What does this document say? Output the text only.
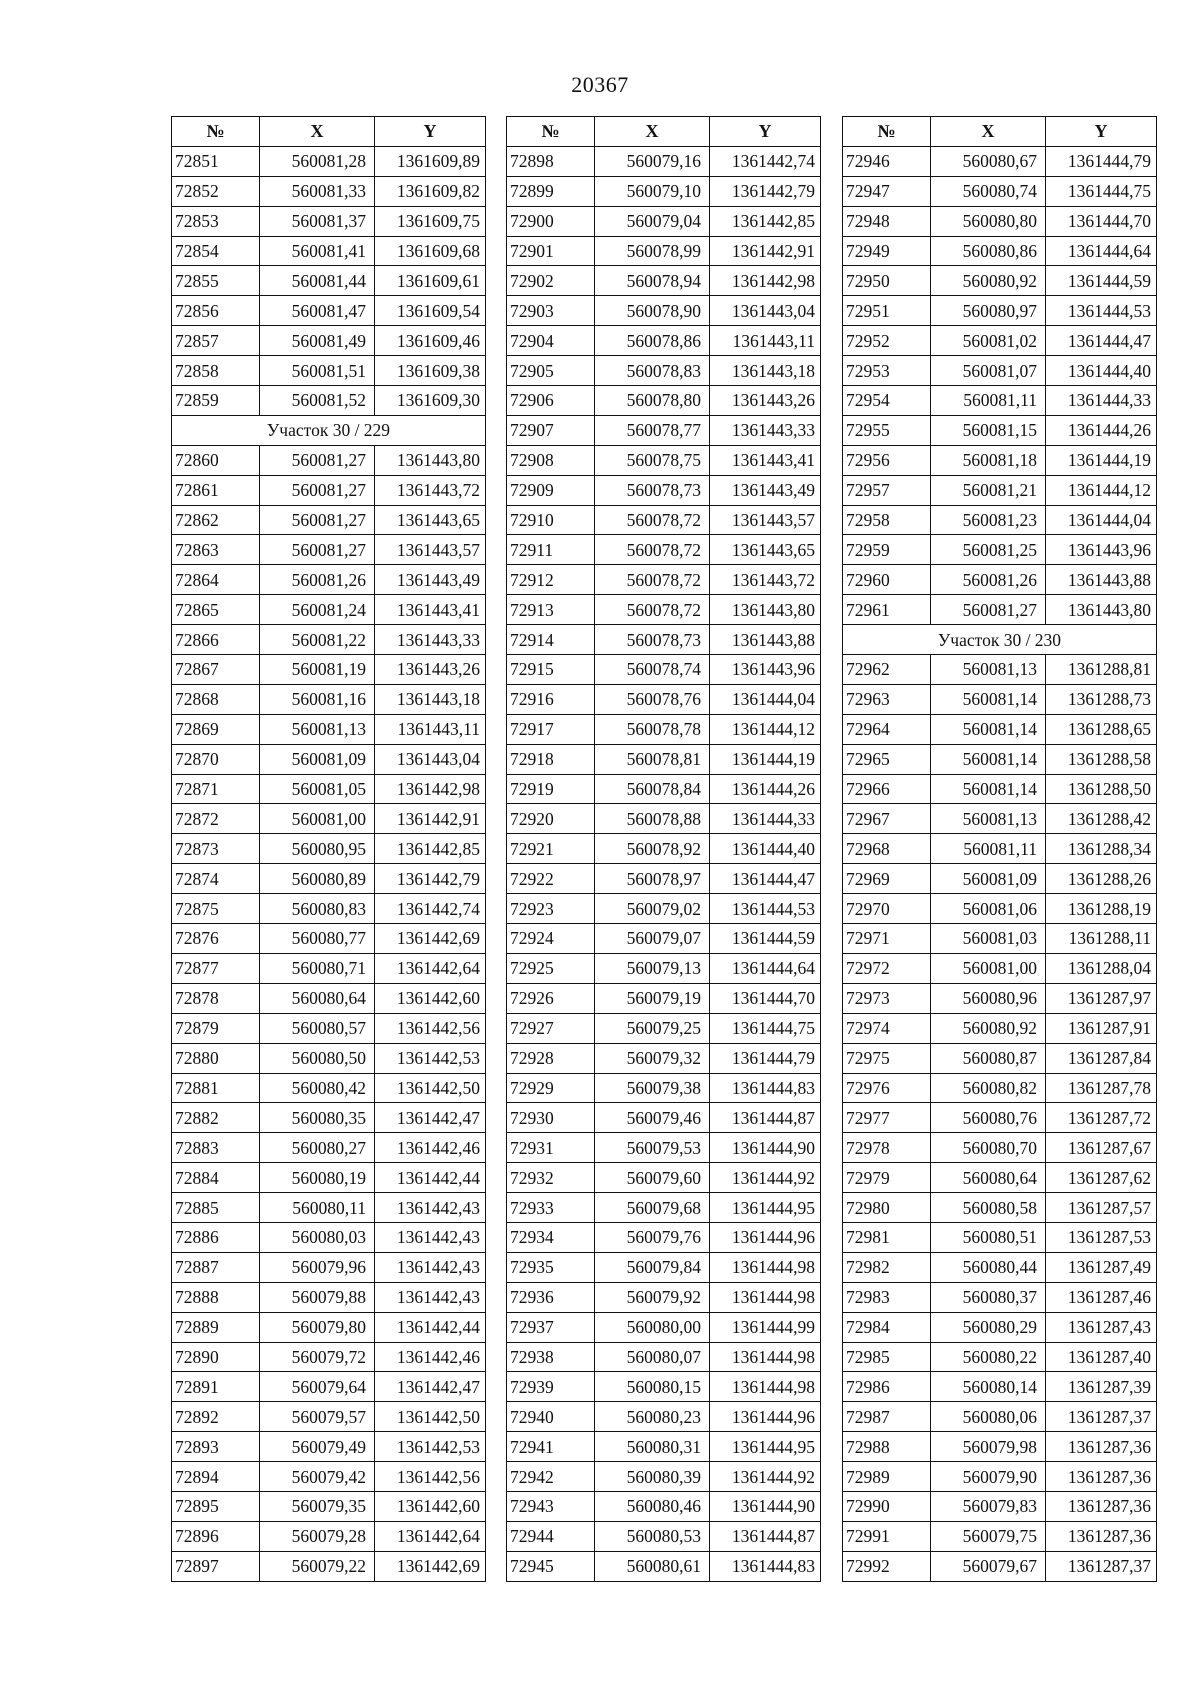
20367
№	X	Y
72851	560081,28	1361609,89
72852	560081,33	1361609,82
72853	560081,37	1361609,75
72854	560081,41	1361609,68
72855	560081,44	1361609,61
72856	560081,47	1361609,54
72857	560081,49	1361609,46
72858	560081,51	1361609,38
72859	560081,52	1361609,30
Участок 30 / 229		
72860	560081,27	1361443,80
72861	560081,27	1361443,72
72862	560081,27	1361443,65
72863	560081,27	1361443,57
72864	560081,26	1361443,49
72865	560081,24	1361443,41
72866	560081,22	1361443,33
72867	560081,19	1361443,26
72868	560081,16	1361443,18
72869	560081,13	1361443,11
72870	560081,09	1361443,04
72871	560081,05	1361442,98
72872	560081,00	1361442,91
72873	560080,95	1361442,85
72874	560080,89	1361442,79
72875	560080,83	1361442,74
72876	560080,77	1361442,69
72877	560080,71	1361442,64
72878	560080,64	1361442,60
72879	560080,57	1361442,56
72880	560080,50	1361442,53
72881	560080,42	1361442,50
72882	560080,35	1361442,47
72883	560080,27	1361442,46
72884	560080,19	1361442,44
72885	560080,11	1361442,43
72886	560080,03	1361442,43
72887	560079,96	1361442,43
72888	560079,88	1361442,43
72889	560079,80	1361442,44
72890	560079,72	1361442,46
72891	560079,64	1361442,47
72892	560079,57	1361442,50
72893	560079,49	1361442,53
72894	560079,42	1361442,56
72895	560079,35	1361442,60
72896	560079,28	1361442,64
72897	560079,22	1361442,69
№	X	Y
72898	560079,16	1361442,74
72899	560079,10	1361442,79
72900	560079,04	1361442,85
72901	560078,99	1361442,91
72902	560078,94	1361442,98
72903	560078,90	1361443,04
72904	560078,86	1361443,11
72905	560078,83	1361443,18
72906	560078,80	1361443,26
72907	560078,77	1361443,33
72908	560078,75	1361443,41
72909	560078,73	1361443,49
72910	560078,72	1361443,57
72911	560078,72	1361443,65
72912	560078,72	1361443,72
72913	560078,72	1361443,80
72914	560078,73	1361443,88
72915	560078,74	1361443,96
72916	560078,76	1361444,04
72917	560078,78	1361444,12
72918	560078,81	1361444,19
72919	560078,84	1361444,26
72920	560078,88	1361444,33
72921	560078,92	1361444,40
72922	560078,97	1361444,47
72923	560079,02	1361444,53
72924	560079,07	1361444,59
72925	560079,13	1361444,64
72926	560079,19	1361444,70
72927	560079,25	1361444,75
72928	560079,32	1361444,79
72929	560079,38	1361444,83
72930	560079,46	1361444,87
72931	560079,53	1361444,90
72932	560079,60	1361444,92
72933	560079,68	1361444,95
72934	560079,76	1361444,96
72935	560079,84	1361444,98
72936	560079,92	1361444,98
72937	560080,00	1361444,99
72938	560080,07	1361444,98
72939	560080,15	1361444,98
72940	560080,23	1361444,96
72941	560080,31	1361444,95
72942	560080,39	1361444,92
72943	560080,46	1361444,90
72944	560080,53	1361444,87
72945	560080,61	1361444,83
№	X	Y
72946	560080,67	1361444,79
72947	560080,74	1361444,75
72948	560080,80	1361444,70
72949	560080,86	1361444,64
72950	560080,92	1361444,59
72951	560080,97	1361444,53
72952	560081,02	1361444,47
72953	560081,07	1361444,40
72954	560081,11	1361444,33
72955	560081,15	1361444,26
72956	560081,18	1361444,19
72957	560081,21	1361444,12
72958	560081,23	1361444,04
72959	560081,25	1361443,96
72960	560081,26	1361443,88
72961	560081,27	1361443,80
Участок 30 / 230		
72962	560081,13	1361288,81
72963	560081,14	1361288,73
72964	560081,14	1361288,65
72965	560081,14	1361288,58
72966	560081,14	1361288,50
72967	560081,13	1361288,42
72968	560081,11	1361288,34
72969	560081,09	1361288,26
72970	560081,06	1361288,19
72971	560081,03	1361288,11
72972	560081,00	1361288,04
72973	560080,96	1361287,97
72974	560080,92	1361287,91
72975	560080,87	1361287,84
72976	560080,82	1361287,78
72977	560080,76	1361287,72
72978	560080,70	1361287,67
72979	560080,64	1361287,62
72980	560080,58	1361287,57
72981	560080,51	1361287,53
72982	560080,44	1361287,49
72983	560080,37	1361287,46
72984	560080,29	1361287,43
72985	560080,22	1361287,40
72986	560080,14	1361287,39
72987	560080,06	1361287,37
72988	560079,98	1361287,36
72989	560079,90	1361287,36
72990	560079,83	1361287,36
72991	560079,75	1361287,36
72992	560079,67	1361287,37
